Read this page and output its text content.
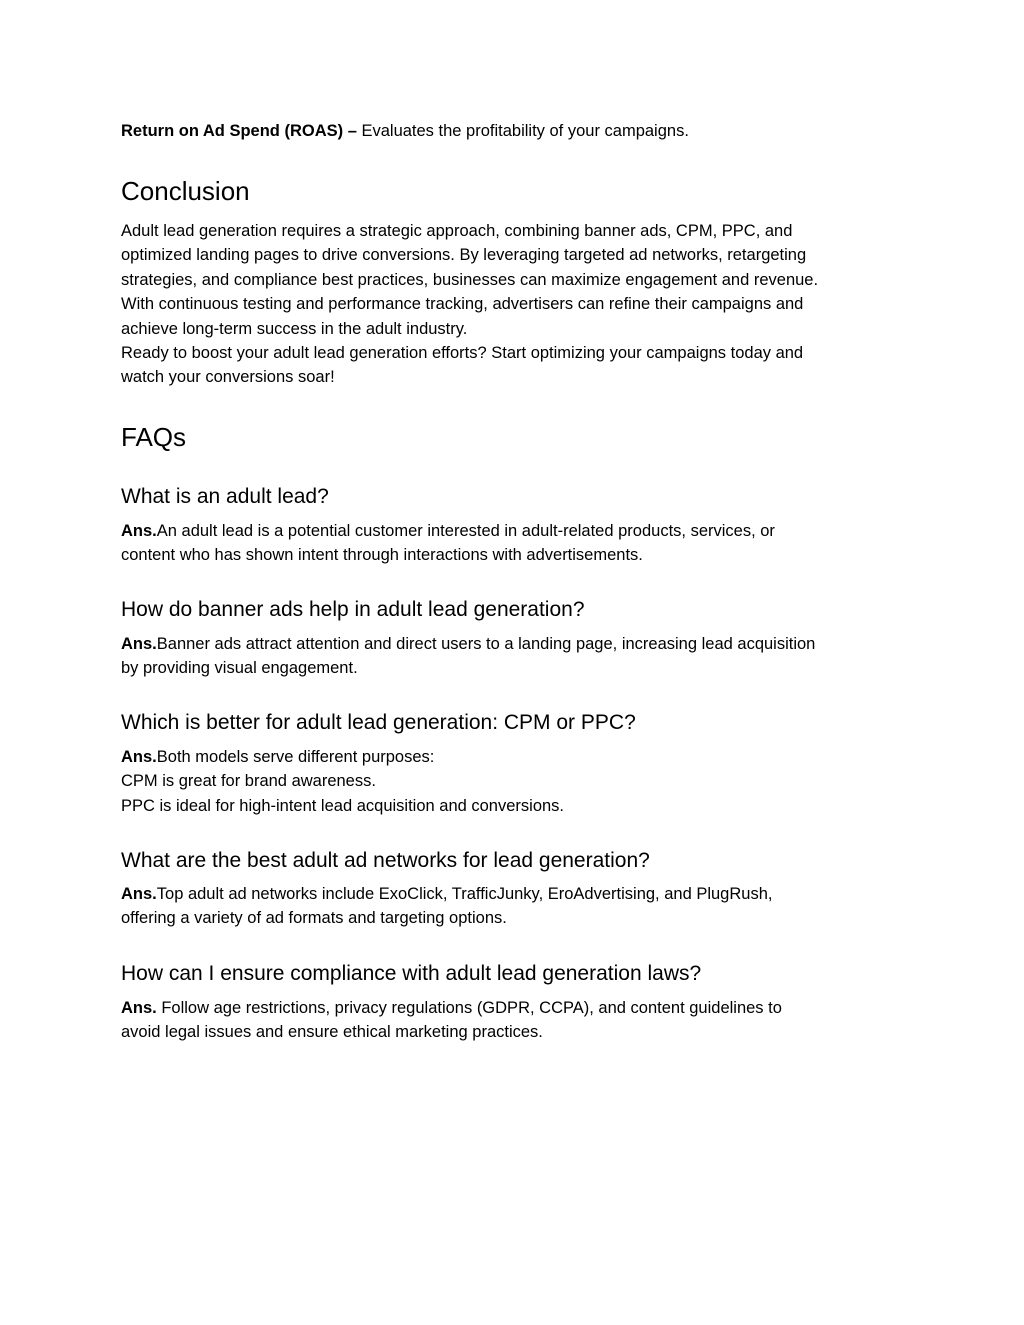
Return on Ad Spend (ROAS) – Evaluates the profitability of your campaigns.
Conclusion
Adult lead generation requires a strategic approach, combining banner ads, CPM, PPC, and
optimized landing pages to drive conversions. By leveraging targeted ad networks, retargeting
strategies, and compliance best practices, businesses can maximize engagement and revenue.
With continuous testing and performance tracking, advertisers can refine their campaigns and
achieve long-term success in the adult industry.
Ready to boost your adult lead generation efforts? Start optimizing your campaigns today and
watch your conversions soar!
FAQs
What is an adult lead?
Ans.An adult lead is a potential customer interested in adult-related products, services, or
content who has shown intent through interactions with advertisements.
How do banner ads help in adult lead generation?
Ans.Banner ads attract attention and direct users to a landing page, increasing lead acquisition
by providing visual engagement.
Which is better for adult lead generation: CPM or PPC?
Ans.Both models serve different purposes:
CPM is great for brand awareness.
PPC is ideal for high-intent lead acquisition and conversions.
What are the best adult ad networks for lead generation?
Ans.Top adult ad networks include ExoClick, TrafficJunky, EroAdvertising, and PlugRush,
offering a variety of ad formats and targeting options.
How can I ensure compliance with adult lead generation laws?
Ans. Follow age restrictions, privacy regulations (GDPR, CCPA), and content guidelines to
avoid legal issues and ensure ethical marketing practices.
